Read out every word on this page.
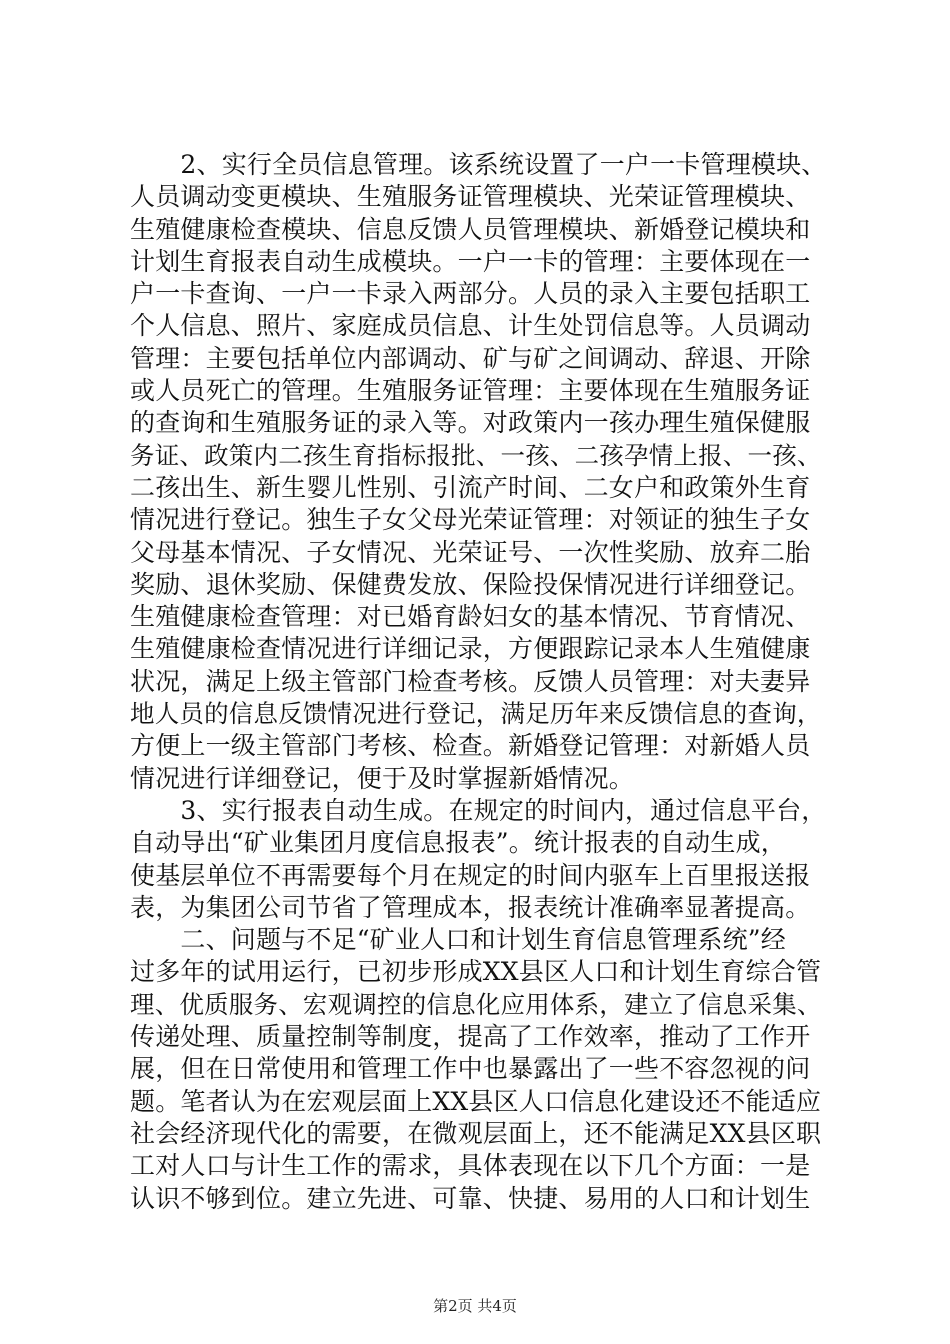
　　2、实行全员信息管理。该系统设置了一户一卡管理模块、
人员调动变更模块、生殖服务证管理模块、光荣证管理模块、
生殖健康检查模块、信息反馈人员管理模块、新婚登记模块和
计划生育报表自动生成模块。一户一卡的管理：主要体现在一
户一卡查询、一户一卡录入两部分。人员的录入主要包括职工
个人信息、照片、家庭成员信息、计生处罚信息等。人员调动
管理：主要包括单位内部调动、矿与矿之间调动、辞退、开除
或人员死亡的管理。生殖服务证管理：主要体现在生殖服务证
的查询和生殖服务证的录入等。对政策内一孩办理生殖保健服
务证、政策内二孩生育指标报批、一孩、二孩孕情上报、一孩、
二孩出生、新生婴儿性别、引流产时间、二女户和政策外生育
情况进行登记。独生子女父母光荣证管理：对领证的独生子女
父母基本情况、子女情况、光荣证号、一次性奖励、放弃二胎
奖励、退休奖励、保健费发放、保险投保情况进行详细登记。
生殖健康检查管理：对已婚育龄妇女的基本情况、节育情况、
生殖健康检查情况进行详细记录，方便跟踪记录本人生殖健康
状况，满足上级主管部门检查考核。反馈人员管理：对夫妻异
地人员的信息反馈情况进行登记，满足历年来反馈信息的查询，
方便上一级主管部门考核、检查。新婚登记管理：对新婚人员
情况进行详细登记，便于及时掌握新婚情况。
　　3、实行报表自动生成。在规定的时间内，通过信息平台，
自动导出“矿业集团月度信息报表”。统计报表的自动生成，
使基层单位不再需要每个月在规定的时间内驱车上百里报送报
表，为集团公司节省了管理成本，报表统计准确率显著提高。
　　二、问题与不足“矿业人口和计划生育信息管理系统”经
过多年的试用运行，已初步形成XX县区人口和计划生育综合管
理、优质服务、宏观调控的信息化应用体系，建立了信息采集、
传递处理、质量控制等制度，提高了工作效率，推动了工作开
展，但在日常使用和管理工作中也暴露出了一些不容忽视的问
题。笔者认为在宏观层面上XX县区人口信息化建设还不能适应
社会经济现代化的需要，在微观层面上，还不能满足XX县区职
工对人口与计生工作的需求，具体表现在以下几个方面：一是
认识不够到位。建立先进、可靠、快捷、易用的人口和计划生
第2页 共4页
